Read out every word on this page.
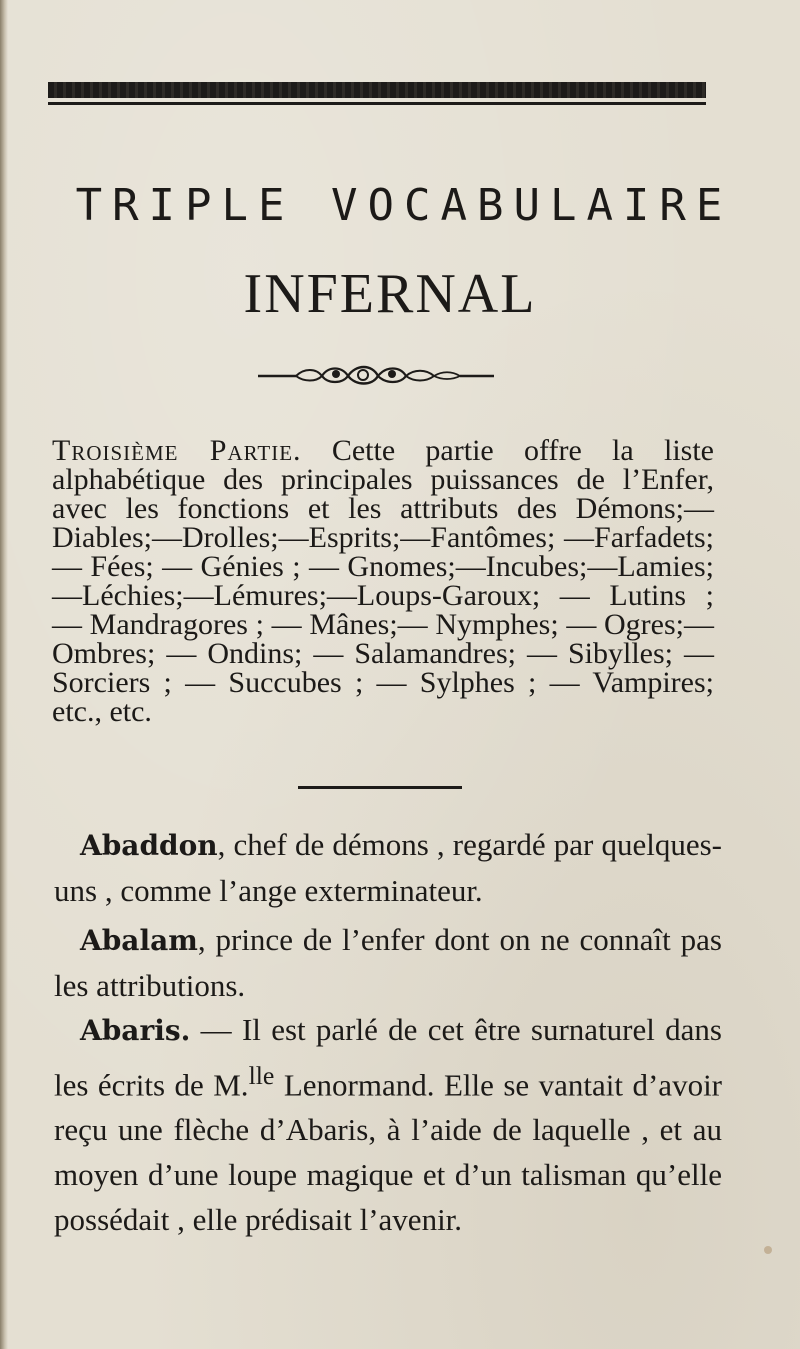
TRIPLE VOCABULAIRE
INFERNAL
Troisième Partie. Cette partie offre la liste alphabétique des principales puissances de l’Enfer, avec les fonctions et les attributs des Démons;—Diables;—Drolles;—Esprits;—Fantômes; —Farfadets; — Fées; — Génies ; — Gnomes;—Incubes;—Lamies;—Léchies;—Lémures;—Loups-Garoux; — Lutins ; — Mandragores ; — Mânes;— Nymphes; — Ogres;— Ombres; — Ondins; — Salamandres; — Sibylles; — Sorciers ; — Succubes ; — Sylphes ; — Vampires; etc., etc.
Abaddon, chef de démons , regardé par quelques-uns , comme l’ange exterminateur.
Abalam, prince de l’enfer dont on ne connaît pas les attributions.
Abaris. — Il est parlé de cet être surnaturel dans les écrits de M.$^{lle}$ Lenormand. Elle se vantait d’avoir reçu une flèche d’Abaris, à l’aide de laquelle , et au moyen d’une loupe magique et d’un talisman qu’elle possédait , elle prédisait l’avenir.
